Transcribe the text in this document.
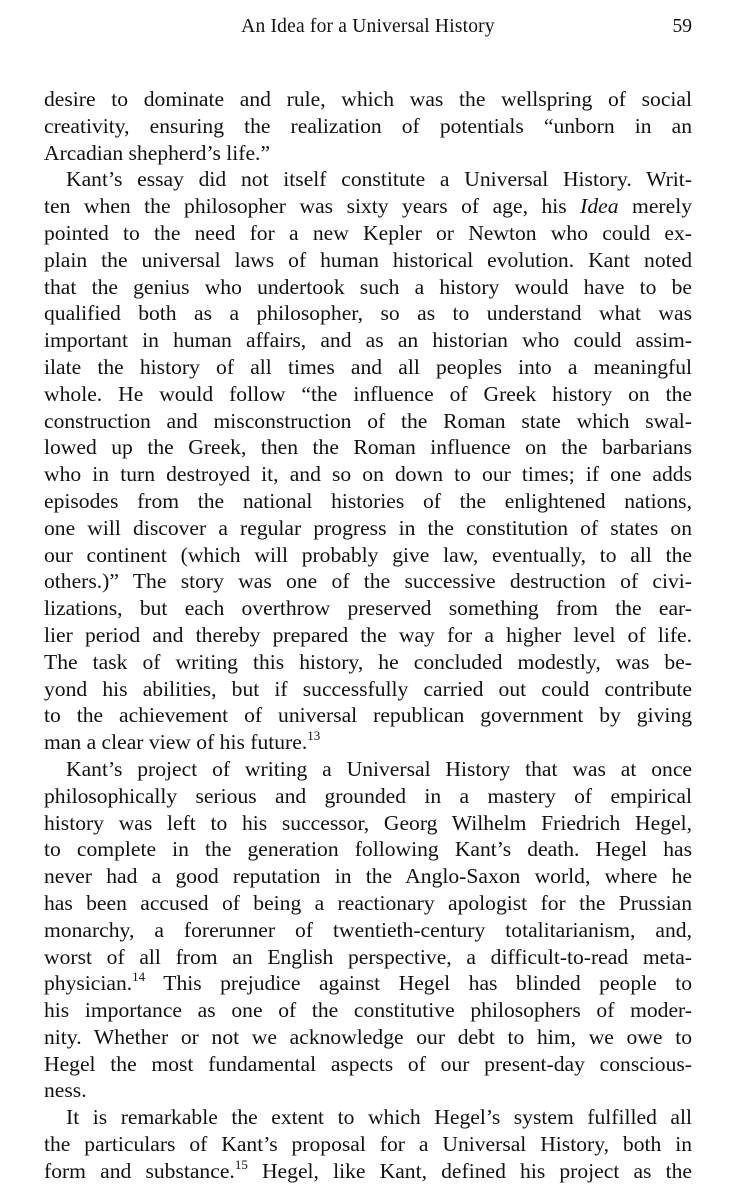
An Idea for a Universal History	59

desire to dominate and rule, which was the wellspring of social
creativity, ensuring the realization of potentials “unborn in an
Arcadian shepherd’s life.”

Kant’s essay did not itself constitute a Universal History. Writ-
ten when the philosopher was sixty years of age, his Idea merely
pointed to the need for a new Kepler or Newton who could ex-
plain the universal laws of human historical evolution. Kant noted
that the genius who undertook such a history would have to be
qualified both as a philosopher, so as to understand what was
important in human affairs, and as an historian who could assim-
ilate the history of all times and all peoples into a meaningful
whole. He would follow “the influence of Greek history on the
construction and misconstruction of the Roman state which swal-
lowed up the Greek, then the Roman influence on the barbarians
who in turn destroyed it, and so on down to our times; if one adds
episodes from the national histories of the enlightened nations,
one will discover a regular progress in the constitution of states on
our continent (which will probably give law, eventually, to all the
others.)” The story was one of the successive destruction of civi-
lizations, but each overthrow preserved something from the ear-
lier period and thereby prepared the way for a higher level of life.
The task of writing this history, he concluded modestly, was be-
yond his abilities, but if successfully carried out could contribute
to the achievement of universal republican government by giving
man a clear view of his future.$^{13}$

Kant’s project of writing a Universal History that was at once
philosophically serious and grounded in a mastery of empirical
history was left to his successor, Georg Wilhelm Friedrich Hegel,
to complete in the generation following Kant’s death. Hegel has
never had a good reputation in the Anglo-Saxon world, where he
has been accused of being a reactionary apologist for the Prussian
monarchy, a forerunner of twentieth-century totalitarianism, and,
worst of all from an English perspective, a difficult-to-read meta-
physician.$^{14}$ This prejudice against Hegel has blinded people to
his importance as one of the constitutive philosophers of moder-
nity. Whether or not we acknowledge our debt to him, we owe to
Hegel the most fundamental aspects of our present-day conscious-
ness.

It is remarkable the extent to which Hegel’s system fulfilled all
the particulars of Kant’s proposal for a Universal History, both in
form and substance.$^{15}$ Hegel, like Kant, defined his project as the
